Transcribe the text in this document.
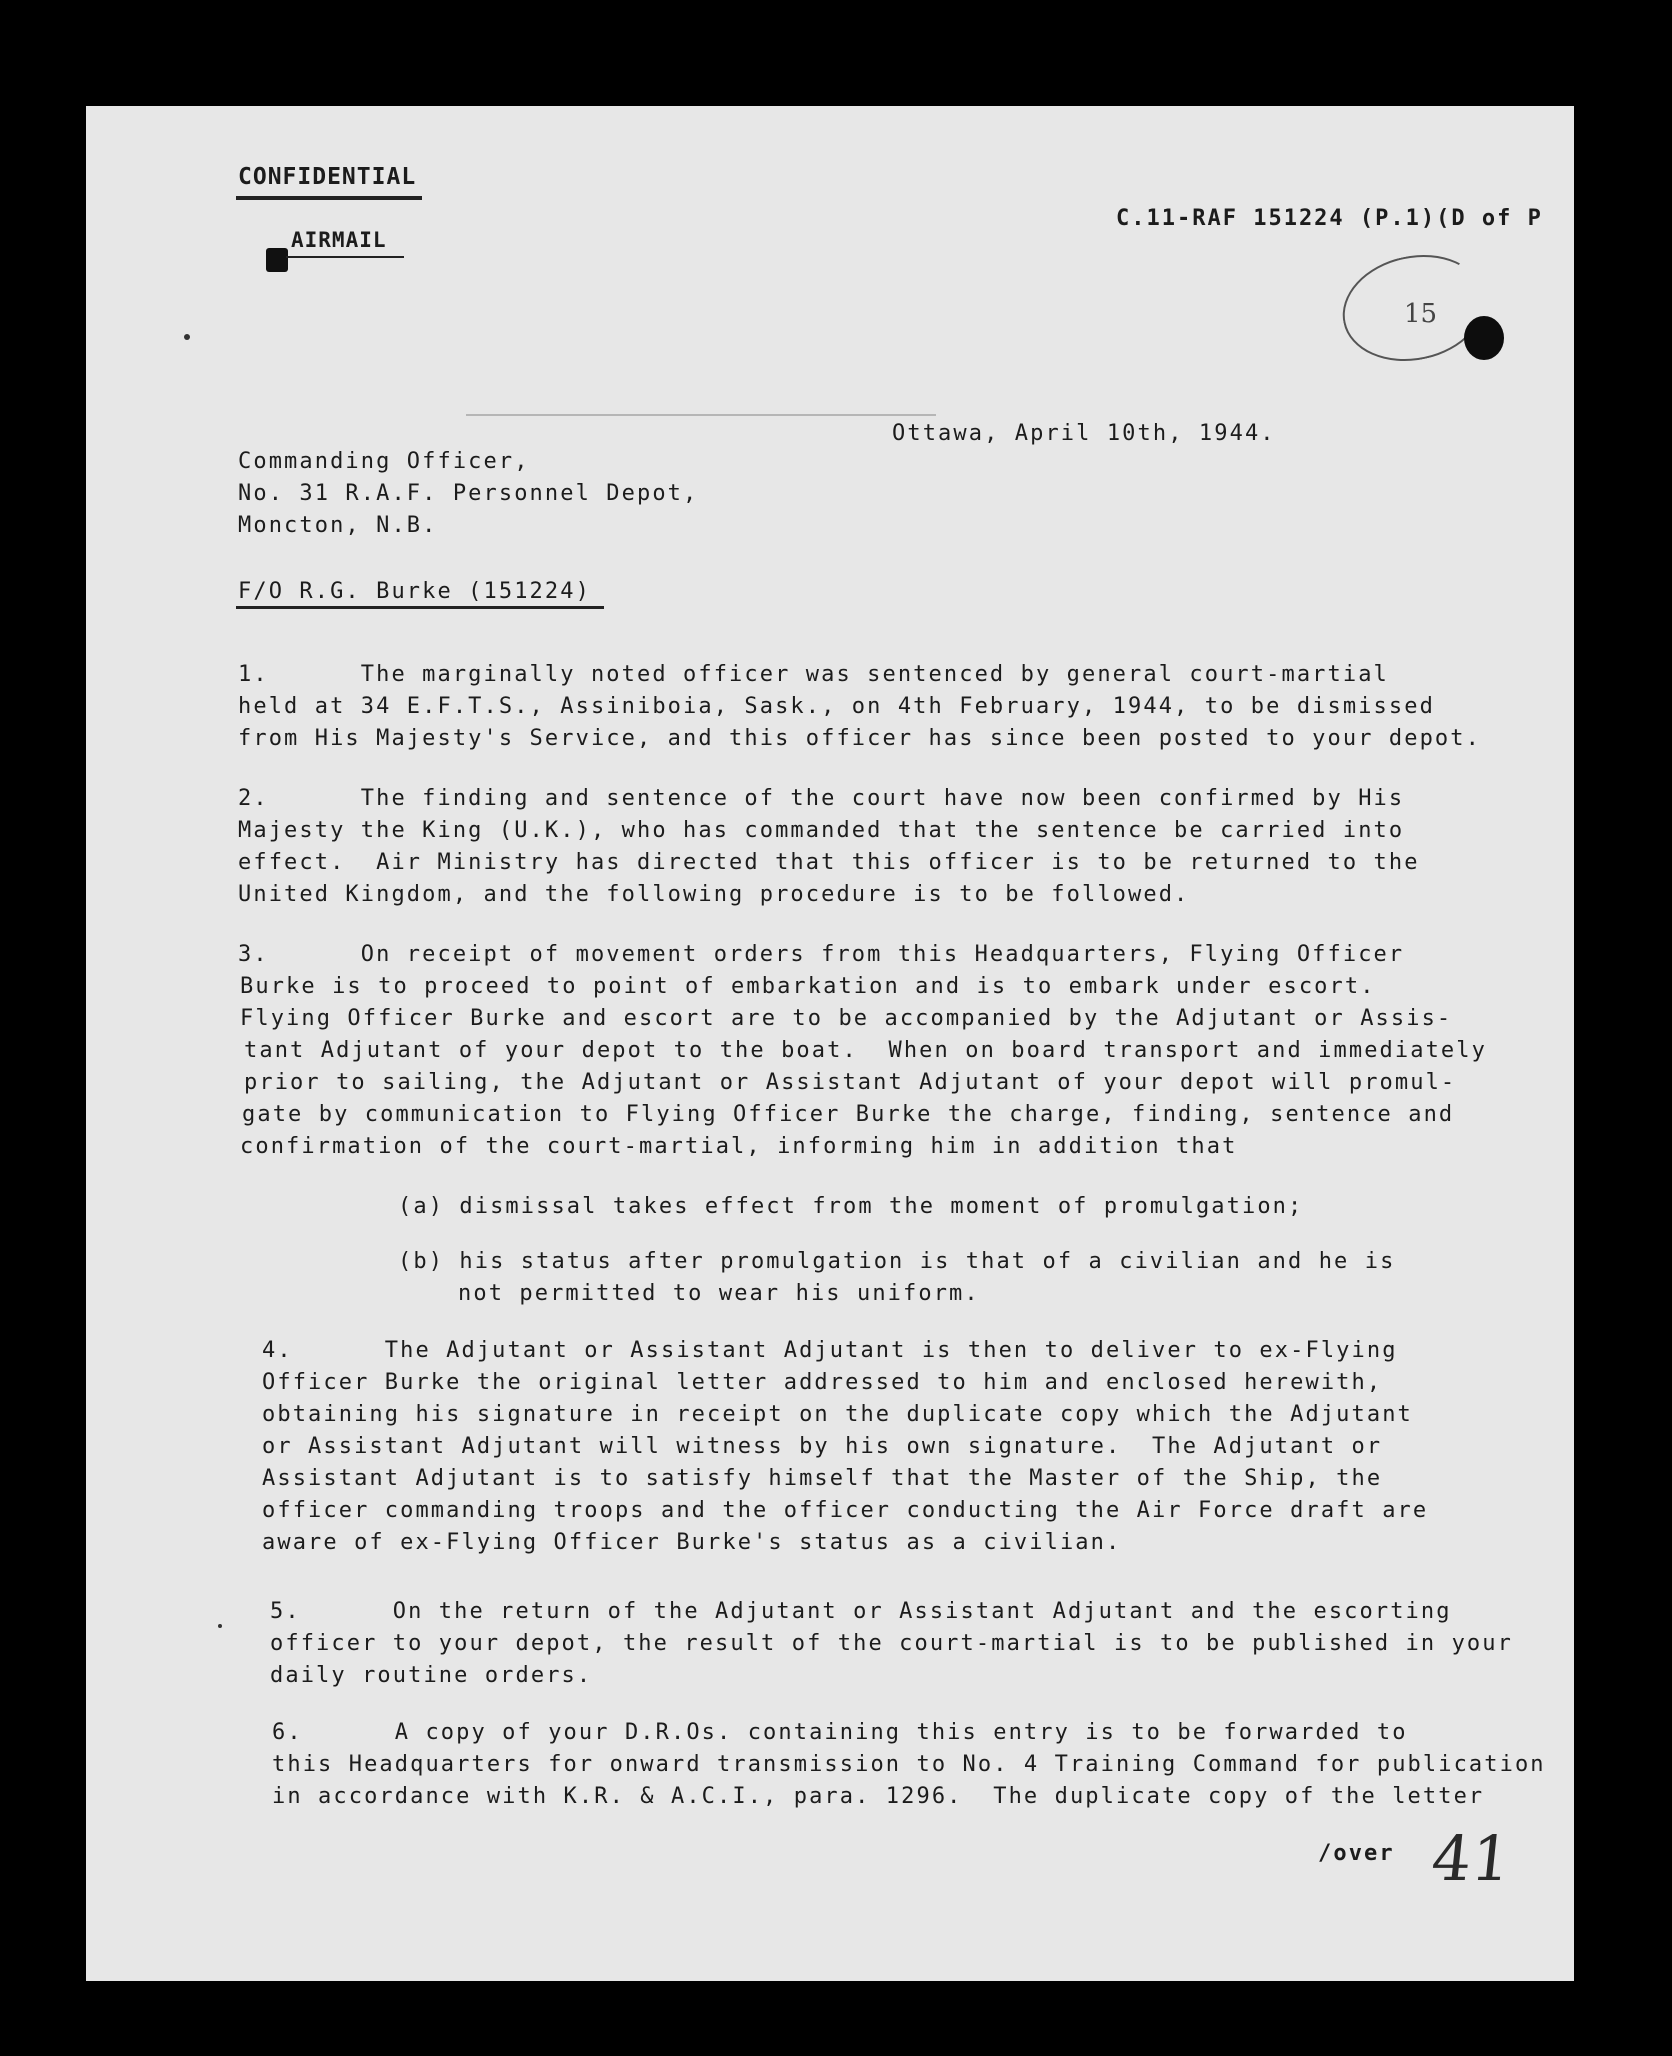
CONFIDENTIAL
AIRMAIL
C.11-RAF 151224 (P.1)(D of P
15
Ottawa, April 10th, 1944.
Commanding Officer,
No. 31 R.A.F. Personnel Depot,
Moncton, N.B.
F/O R.G. Burke (151224)
1.      The marginally noted officer was sentenced by general court-martial
held at 34 E.F.T.S., Assiniboia, Sask., on 4th February, 1944, to be dismissed
from His Majesty's Service, and this officer has since been posted to your depot.
2.      The finding and sentence of the court have now been confirmed by His
Majesty the King (U.K.), who has commanded that the sentence be carried into
effect.  Air Ministry has directed that this officer is to be returned to the
United Kingdom, and the following procedure is to be followed.
3.      On receipt of movement orders from this Headquarters, Flying Officer
Burke is to proceed to point of embarkation and is to embark under escort.
Flying Officer Burke and escort are to be accompanied by the Adjutant or Assis-
tant Adjutant of your depot to the boat.  When on board transport and immediately
prior to sailing, the Adjutant or Assistant Adjutant of your depot will promul-
gate by communication to Flying Officer Burke the charge, finding, sentence and
confirmation of the court-martial, informing him in addition that
(a) dismissal takes effect from the moment of promulgation;
(b) his status after promulgation is that of a civilian and he is
not permitted to wear his uniform.
4.      The Adjutant or Assistant Adjutant is then to deliver to ex-Flying
Officer Burke the original letter addressed to him and enclosed herewith,
obtaining his signature in receipt on the duplicate copy which the Adjutant
or Assistant Adjutant will witness by his own signature.  The Adjutant or
Assistant Adjutant is to satisfy himself that the Master of the Ship, the
officer commanding troops and the officer conducting the Air Force draft are
aware of ex-Flying Officer Burke's status as a civilian.
5.      On the return of the Adjutant or Assistant Adjutant and the escorting
officer to your depot, the result of the court-martial is to be published in your
daily routine orders.
6.      A copy of your D.R.Os. containing this entry is to be forwarded to
this Headquarters for onward transmission to No. 4 Training Command for publication
in accordance with K.R. & A.C.I., para. 1296.  The duplicate copy of the letter
/over 41
